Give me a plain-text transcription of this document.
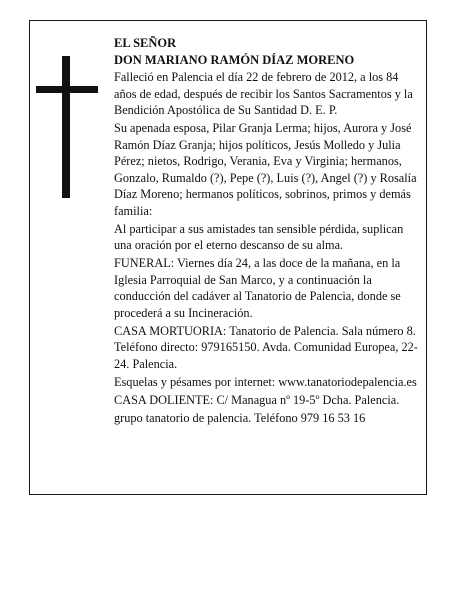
EL SEÑOR
DON MARIANO RAMÓN DÍAZ MORENO

Falleció en Palencia el día 22 de febrero de 2012, a los 84 años de edad, después de recibir los Santos Sacramentos y la Bendición Apostólica de Su Santidad D. E. P.

Su apenada esposa, Pilar Granja Lerma; hijos, Aurora y José Ramón Díaz Granja; hijos políticos, Jesús Molledo y Julia Pérez; nietos, Rodrigo, Verania, Eva y Virginia; hermanos, Gonzalo, Rumaldo (?), Pepe (?), Luis (?), Angel (?) y Rosalía Díaz Moreno; hermanos políticos, sobrinos, primos y demás familia:

Al participar a sus amistades tan sensible pérdida, suplican una oración por el eterno descanso de su alma.

FUNERAL: Viernes día 24, a las doce de la mañana, en la Iglesia Parroquial de San Marco, y a continuación la conducción del cadáver al Tanatorio de Palencia, donde se procederá a su Incineración.

CASA MORTUORIA: Tanatorio de Palencia. Sala número 8. Teléfono directo: 979165150. Avda. Comunidad Europea, 22-24. Palencia.

Esquelas y pésames por internet: www.tanatoriodepalencia.es

CASA DOLIENTE: C/ Managua nº 19-5º Dcha. Palencia.

grupo tanatorio de palencia. Teléfono 979 16 53 16
